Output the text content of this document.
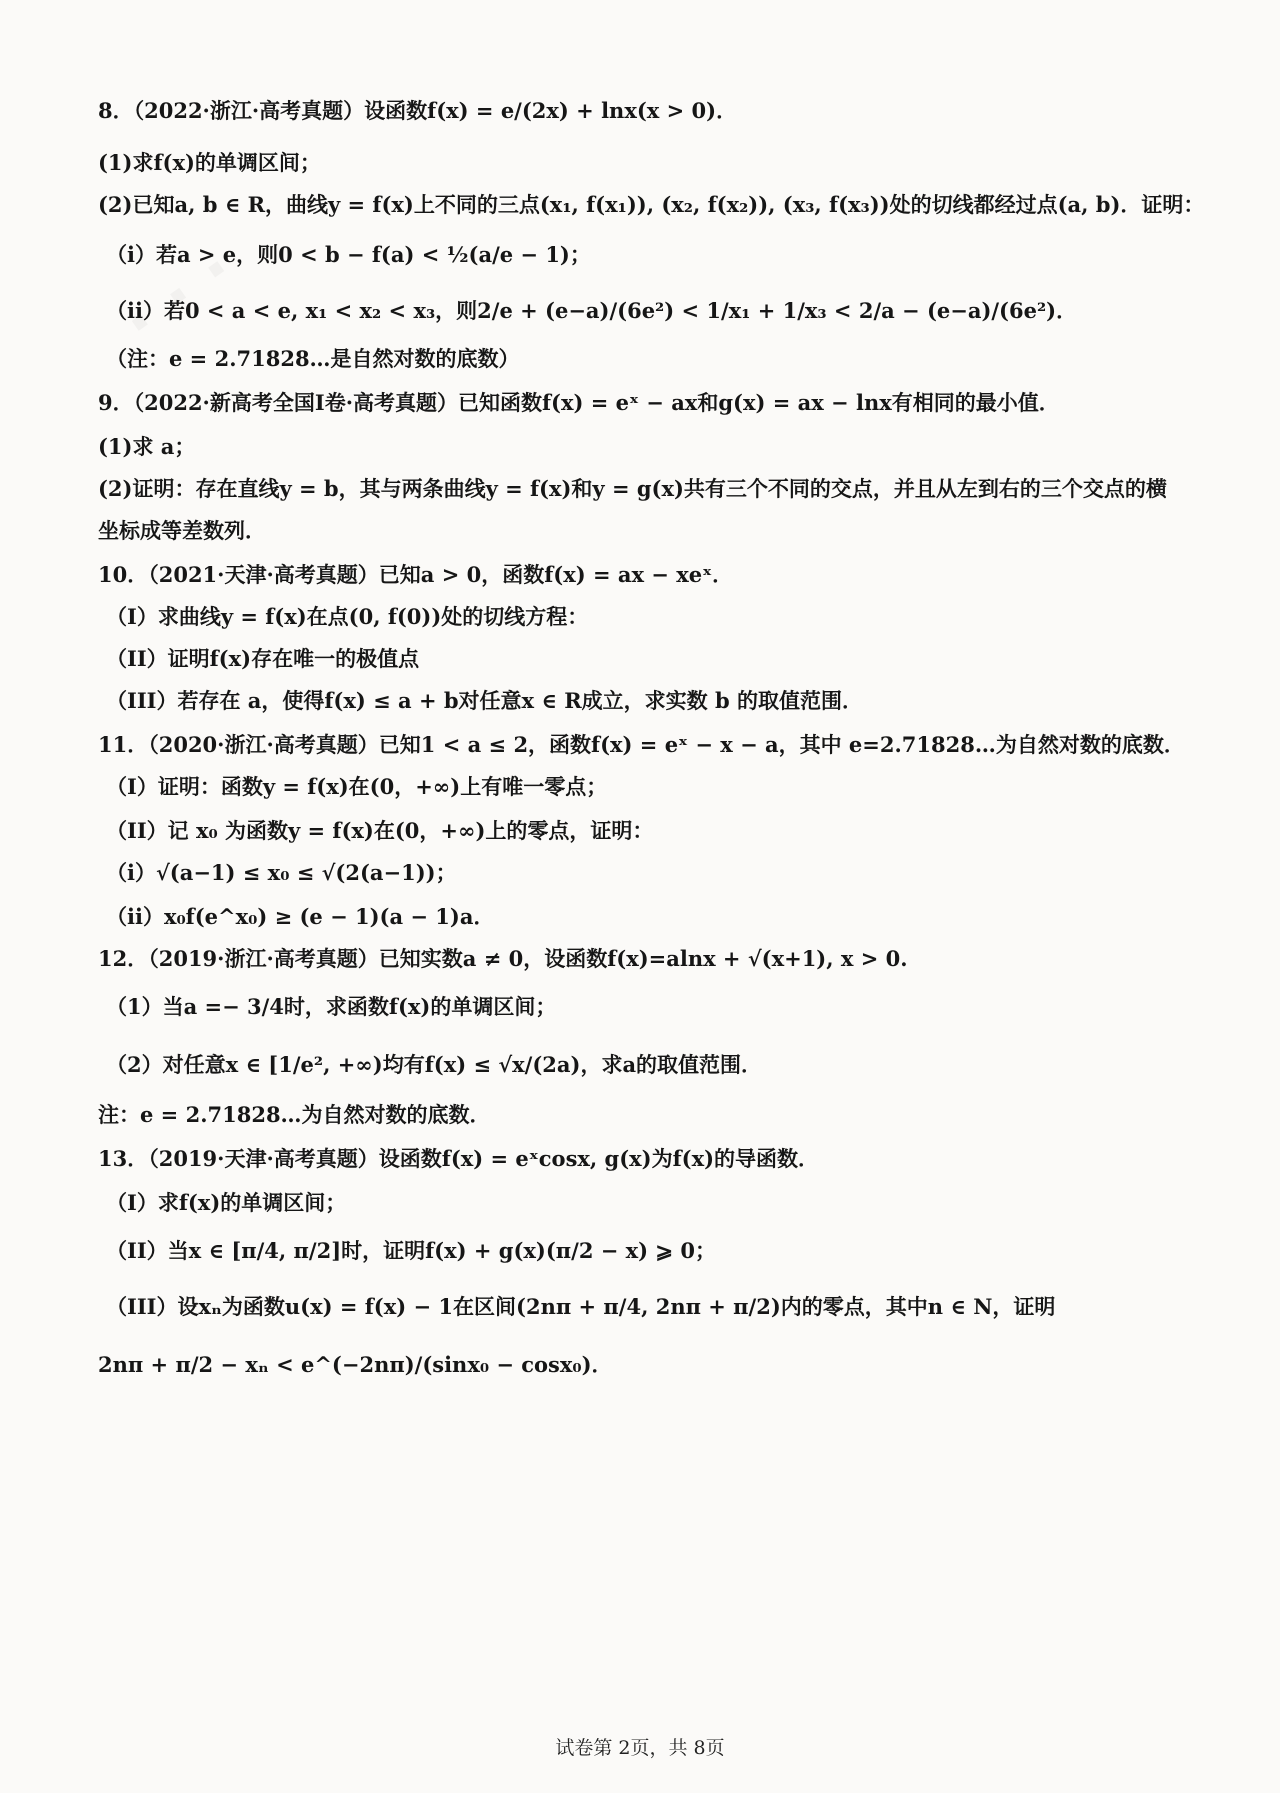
8．（2022·浙江·高考真题）设函数f(x) = e/(2x) + lnx(x > 0)．
(1)求f(x)的单调区间；
(2)已知a, b ∈ R，曲线y = f(x)上不同的三点(x₁, f(x₁)), (x₂, f(x₂)), (x₃, f(x₃))处的切线都经过点(a, b)．证明：
（i）若a > e，则0 < b − f(a) < ½(a/e − 1)；
（ii）若0 < a < e, x₁ < x₂ < x₃，则2/e + (e−a)/(6e²) < 1/x₁ + 1/x₃ < 2/a − (e−a)/(6e²)．
（注：e = 2.71828…是自然对数的底数）
9．（2022·新高考全国I卷·高考真题）已知函数f(x) = eˣ − ax和g(x) = ax − lnx有相同的最小值．
(1)求 a；
(2)证明：存在直线y = b，其与两条曲线y = f(x)和y = g(x)共有三个不同的交点，并且从左到右的三个交点的横
坐标成等差数列．
10．（2021·天津·高考真题）已知a > 0，函数f(x) = ax − xeˣ．
（I）求曲线y = f(x)在点(0, f(0))处的切线方程：
（II）证明f(x)存在唯一的极值点
（III）若存在 a，使得f(x) ≤ a + b对任意x ∈ R成立，求实数 b 的取值范围．
11．（2020·浙江·高考真题）已知1 < a ≤ 2，函数f(x) = eˣ − x − a，其中 e=2.71828…为自然对数的底数．
（I）证明：函数y = f(x)在(0，+∞)上有唯一零点；
（II）记 x₀ 为函数y = f(x)在(0，+∞)上的零点，证明：
（i）√(a−1) ≤ x₀ ≤ √(2(a−1))；
（ii）x₀f(e^x₀) ≥ (e − 1)(a − 1)a．
12．（2019·浙江·高考真题）已知实数a ≠ 0，设函数f(x)=alnx + √(x+1), x > 0.
（1）当a =− 3/4时，求函数f(x)的单调区间；
（2）对任意x ∈ [1/e², +∞)均有f(x) ≤ √x/(2a)，求a的取值范围．
注：e = 2.71828…为自然对数的底数．
13．（2019·天津·高考真题）设函数f(x) = eˣcosx, g(x)为f(x)的导函数．
（I）求f(x)的单调区间；
（II）当x ∈ [π/4, π/2]时，证明f(x) + g(x)(π/2 − x) ⩾ 0；
（III）设xₙ为函数u(x) = f(x) − 1在区间(2nπ + π/4, 2nπ + π/2)内的零点，其中n ∈ N，证明
2nπ + π/2 − xₙ < e^(−2nπ)/(sinx₀ − cosx₀)．
试卷第 2页，共 8页
